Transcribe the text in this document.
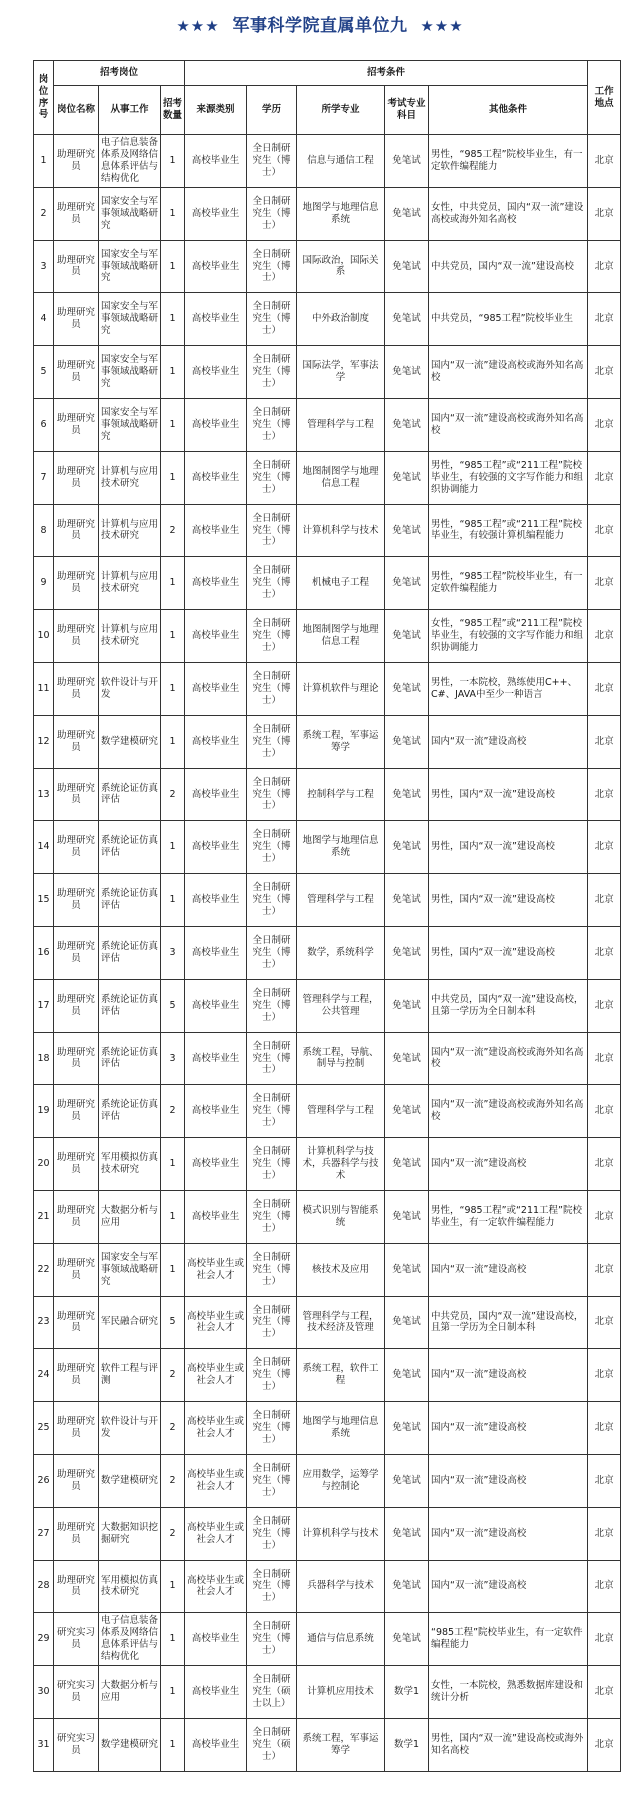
★★★ 军事科学院直属单位九 ★★★
岗位序号	招考岗位			招考条件					工作地点
	岗位名称	从事工作	招考数量	来源类别	学历	所学专业	考试专业科目	其他条件	
1	助理研究员	电子信息装备体系及网络信息体系评估与结构优化	1	高校毕业生	全日制研究生（博士）	信息与通信工程	免笔试	男性，“985工程”院校毕业生，有一定软件编程能力	北京
2	助理研究员	国家安全与军事领域战略研究	1	高校毕业生	全日制研究生（博士）	地图学与地理信息系统	免笔试	女性，中共党员，国内“双一流”建设高校或海外知名高校	北京
3	助理研究员	国家安全与军事领域战略研究	1	高校毕业生	全日制研究生（博士）	国际政治，国际关系	免笔试	中共党员，国内“双一流”建设高校	北京
4	助理研究员	国家安全与军事领域战略研究	1	高校毕业生	全日制研究生（博士）	中外政治制度	免笔试	中共党员，“985工程”院校毕业生	北京
5	助理研究员	国家安全与军事领域战略研究	1	高校毕业生	全日制研究生（博士）	国际法学，军事法学	免笔试	国内“双一流”建设高校或海外知名高校	北京
6	助理研究员	国家安全与军事领域战略研究	1	高校毕业生	全日制研究生（博士）	管理科学与工程	免笔试	国内“双一流”建设高校或海外知名高校	北京
7	助理研究员	计算机与应用技术研究	1	高校毕业生	全日制研究生（博士）	地图制图学与地理信息工程	免笔试	男性，“985工程”或“211工程”院校毕业生，有较强的文字写作能力和组织协调能力	北京
8	助理研究员	计算机与应用技术研究	2	高校毕业生	全日制研究生（博士）	计算机科学与技术	免笔试	男性，“985工程”或“211工程”院校毕业生，有较强计算机编程能力	北京
9	助理研究员	计算机与应用技术研究	1	高校毕业生	全日制研究生（博士）	机械电子工程	免笔试	男性，“985工程”院校毕业生，有一定软件编程能力	北京
10	助理研究员	计算机与应用技术研究	1	高校毕业生	全日制研究生（博士）	地图制图学与地理信息工程	免笔试	女性，“985工程”或“211工程”院校毕业生，有较强的文字写作能力和组织协调能力	北京
11	助理研究员	软件设计与开发	1	高校毕业生	全日制研究生（博士）	计算机软件与理论	免笔试	男性，一本院校，熟练使用C++、C#、JAVA中至少一种语言	北京
12	助理研究员	数学建模研究	1	高校毕业生	全日制研究生（博士）	系统工程，军事运筹学	免笔试	国内“双一流”建设高校	北京
13	助理研究员	系统论证仿真评估	2	高校毕业生	全日制研究生（博士）	控制科学与工程	免笔试	男性，国内“双一流”建设高校	北京
14	助理研究员	系统论证仿真评估	1	高校毕业生	全日制研究生（博士）	地图学与地理信息系统	免笔试	男性，国内“双一流”建设高校	北京
15	助理研究员	系统论证仿真评估	1	高校毕业生	全日制研究生（博士）	管理科学与工程	免笔试	男性，国内“双一流”建设高校	北京
16	助理研究员	系统论证仿真评估	3	高校毕业生	全日制研究生（博士）	数学，系统科学	免笔试	男性，国内“双一流”建设高校	北京
17	助理研究员	系统论证仿真评估	5	高校毕业生	全日制研究生（博士）	管理科学与工程，公共管理	免笔试	中共党员，国内“双一流”建设高校，且第一学历为全日制本科	北京
18	助理研究员	系统论证仿真评估	3	高校毕业生	全日制研究生（博士）	系统工程，导航、制导与控制	免笔试	国内“双一流”建设高校或海外知名高校	北京
19	助理研究员	系统论证仿真评估	2	高校毕业生	全日制研究生（博士）	管理科学与工程	免笔试	国内“双一流”建设高校或海外知名高校	北京
20	助理研究员	军用模拟仿真技术研究	1	高校毕业生	全日制研究生（博士）	计算机科学与技术，兵器科学与技术	免笔试	国内“双一流”建设高校	北京
21	助理研究员	大数据分析与应用	1	高校毕业生	全日制研究生（博士）	模式识别与智能系统	免笔试	男性，“985工程”或“211工程”院校毕业生，有一定软件编程能力	北京
22	助理研究员	国家安全与军事领域战略研究	1	高校毕业生或社会人才	全日制研究生（博士）	核技术及应用	免笔试	国内“双一流”建设高校	北京
23	助理研究员	军民融合研究	5	高校毕业生或社会人才	全日制研究生（博士）	管理科学与工程，技术经济及管理	免笔试	中共党员，国内“双一流”建设高校，且第一学历为全日制本科	北京
24	助理研究员	软件工程与评测	2	高校毕业生或社会人才	全日制研究生（博士）	系统工程，软件工程	免笔试	国内“双一流”建设高校	北京
25	助理研究员	软件设计与开发	2	高校毕业生或社会人才	全日制研究生（博士）	地图学与地理信息系统	免笔试	国内“双一流”建设高校	北京
26	助理研究员	数学建模研究	2	高校毕业生或社会人才	全日制研究生（博士）	应用数学，运筹学与控制论	免笔试	国内“双一流”建设高校	北京
27	助理研究员	大数据知识挖掘研究	2	高校毕业生或社会人才	全日制研究生（博士）	计算机科学与技术	免笔试	国内“双一流”建设高校	北京
28	助理研究员	军用模拟仿真技术研究	1	高校毕业生或社会人才	全日制研究生（博士）	兵器科学与技术	免笔试	国内“双一流”建设高校	北京
29	研究实习员	电子信息装备体系及网络信息体系评估与结构优化	1	高校毕业生	全日制研究生（博士）	通信与信息系统	免笔试	“985工程”院校毕业生，有一定软件编程能力	北京
30	研究实习员	大数据分析与应用	1	高校毕业生	全日制研究生（硕士以上）	计算机应用技术	数学1	女性，一本院校，熟悉数据库建设和统计分析	北京
31	研究实习员	数学建模研究	1	高校毕业生	全日制研究生（硕士）	系统工程，军事运筹学	数学1	男性，国内“双一流”建设高校或海外知名高校	北京
